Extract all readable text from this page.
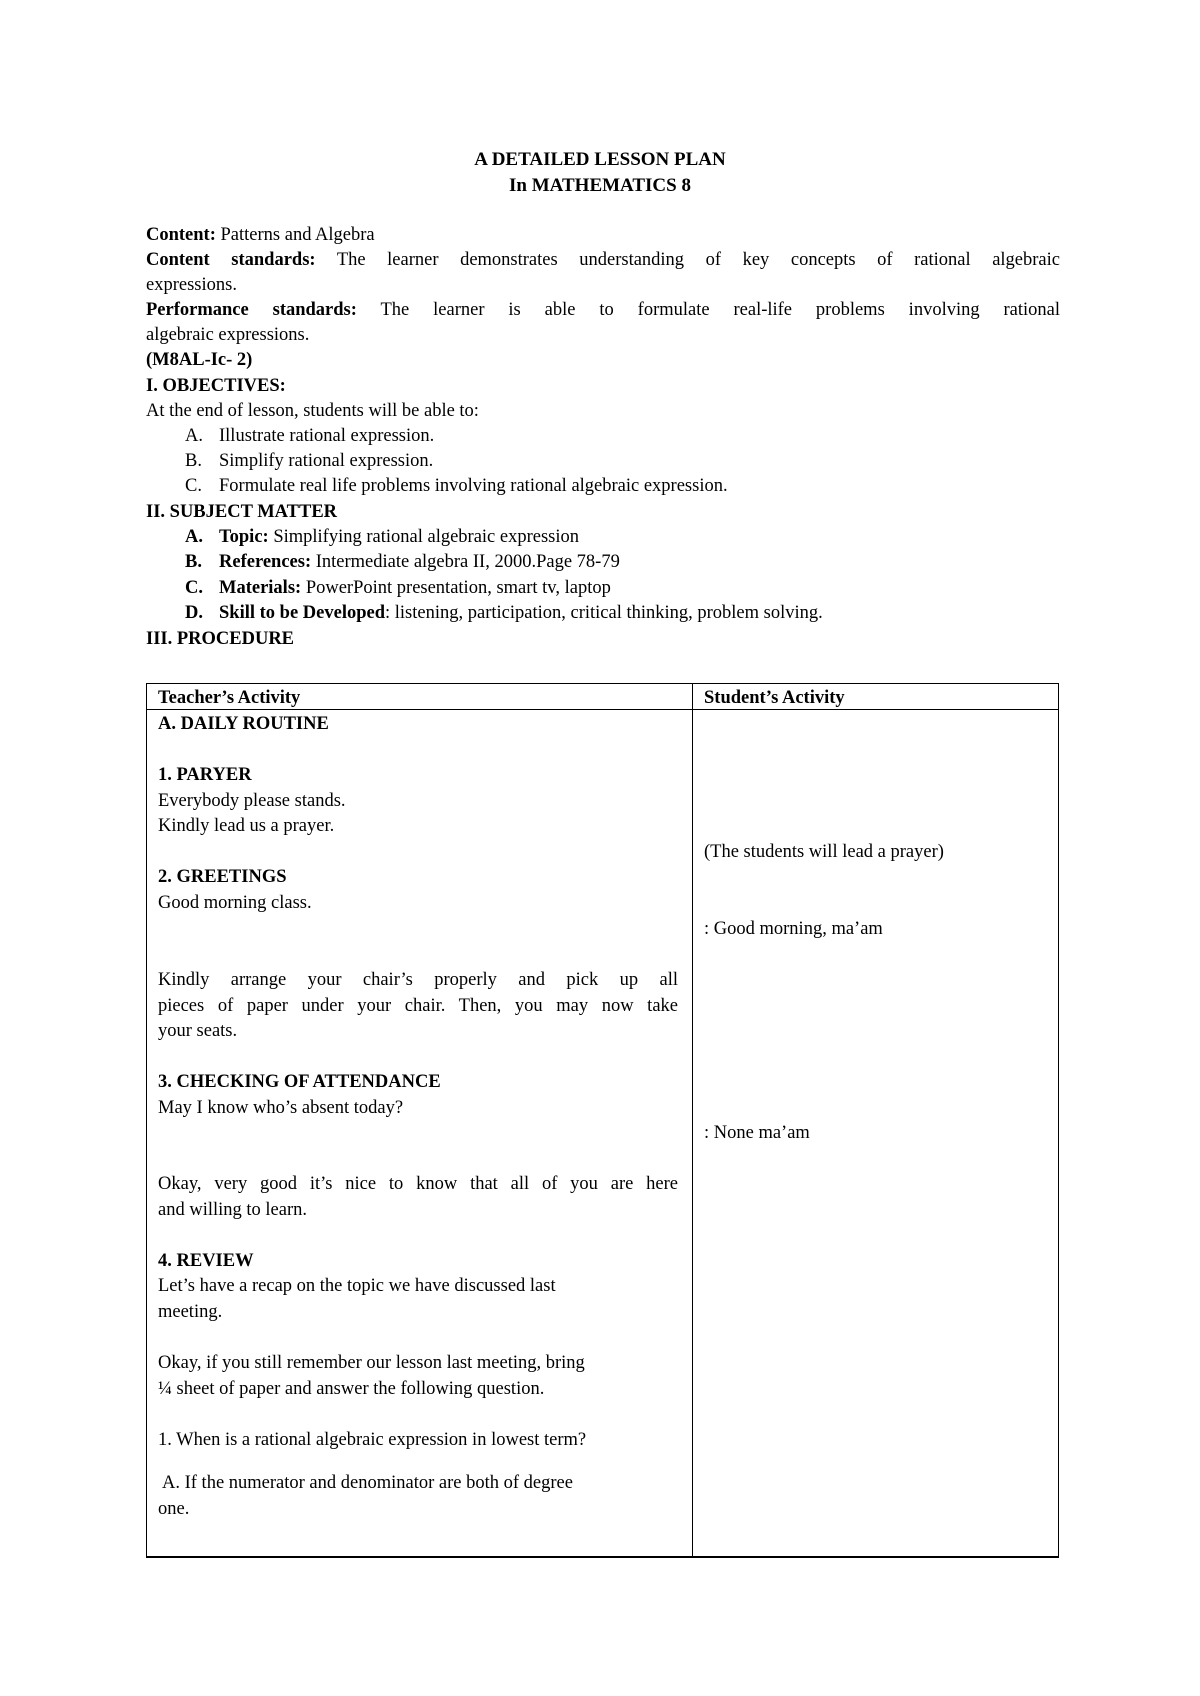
A DETAILED LESSON PLAN
In MATHEMATICS 8
Content: Patterns and Algebra
Content standards: The learner demonstrates understanding of key concepts of rational algebraic
expressions.
Performance standards: The learner is able to formulate real-life problems involving rational
algebraic expressions.
(M8AL-Ic- 2)
I. OBJECTIVES:
At the end of lesson, students will be able to:
A. Illustrate rational expression.
B. Simplify rational expression.
C. Formulate real life problems involving rational algebraic expression.
II. SUBJECT MATTER
A. Topic: Simplifying rational algebraic expression
B. References: Intermediate algebra II, 2000.Page 78-79
C. Materials: PowerPoint presentation, smart tv, laptop
D. Skill to be Developed: listening, participation, critical thinking, problem solving.
III. PROCEDURE
Teacher’s Activity	Student’s Activity
A. DAILY ROUTINE
1. PARYER
Everybody please stands.
Kindly lead us a prayer.
2. GREETINGS
Good morning class.
Kindly arrange your chair’s properly and pick up all
pieces of paper under your chair. Then, you may now take
your seats.
3. CHECKING OF ATTENDANCE
May I know who’s absent today?
Okay, very good it’s nice to know that all of you are here
and willing to learn.
4. REVIEW
Let’s have a recap on the topic we have discussed last
meeting.
Okay, if you still remember our lesson last meeting, bring
¼ sheet of paper and answer the following question.
1. When is a rational algebraic expression in lowest term?
A. If the numerator and denominator are both of degree
one.
(The students will lead a prayer)
: Good morning, ma’am
: None ma’am
